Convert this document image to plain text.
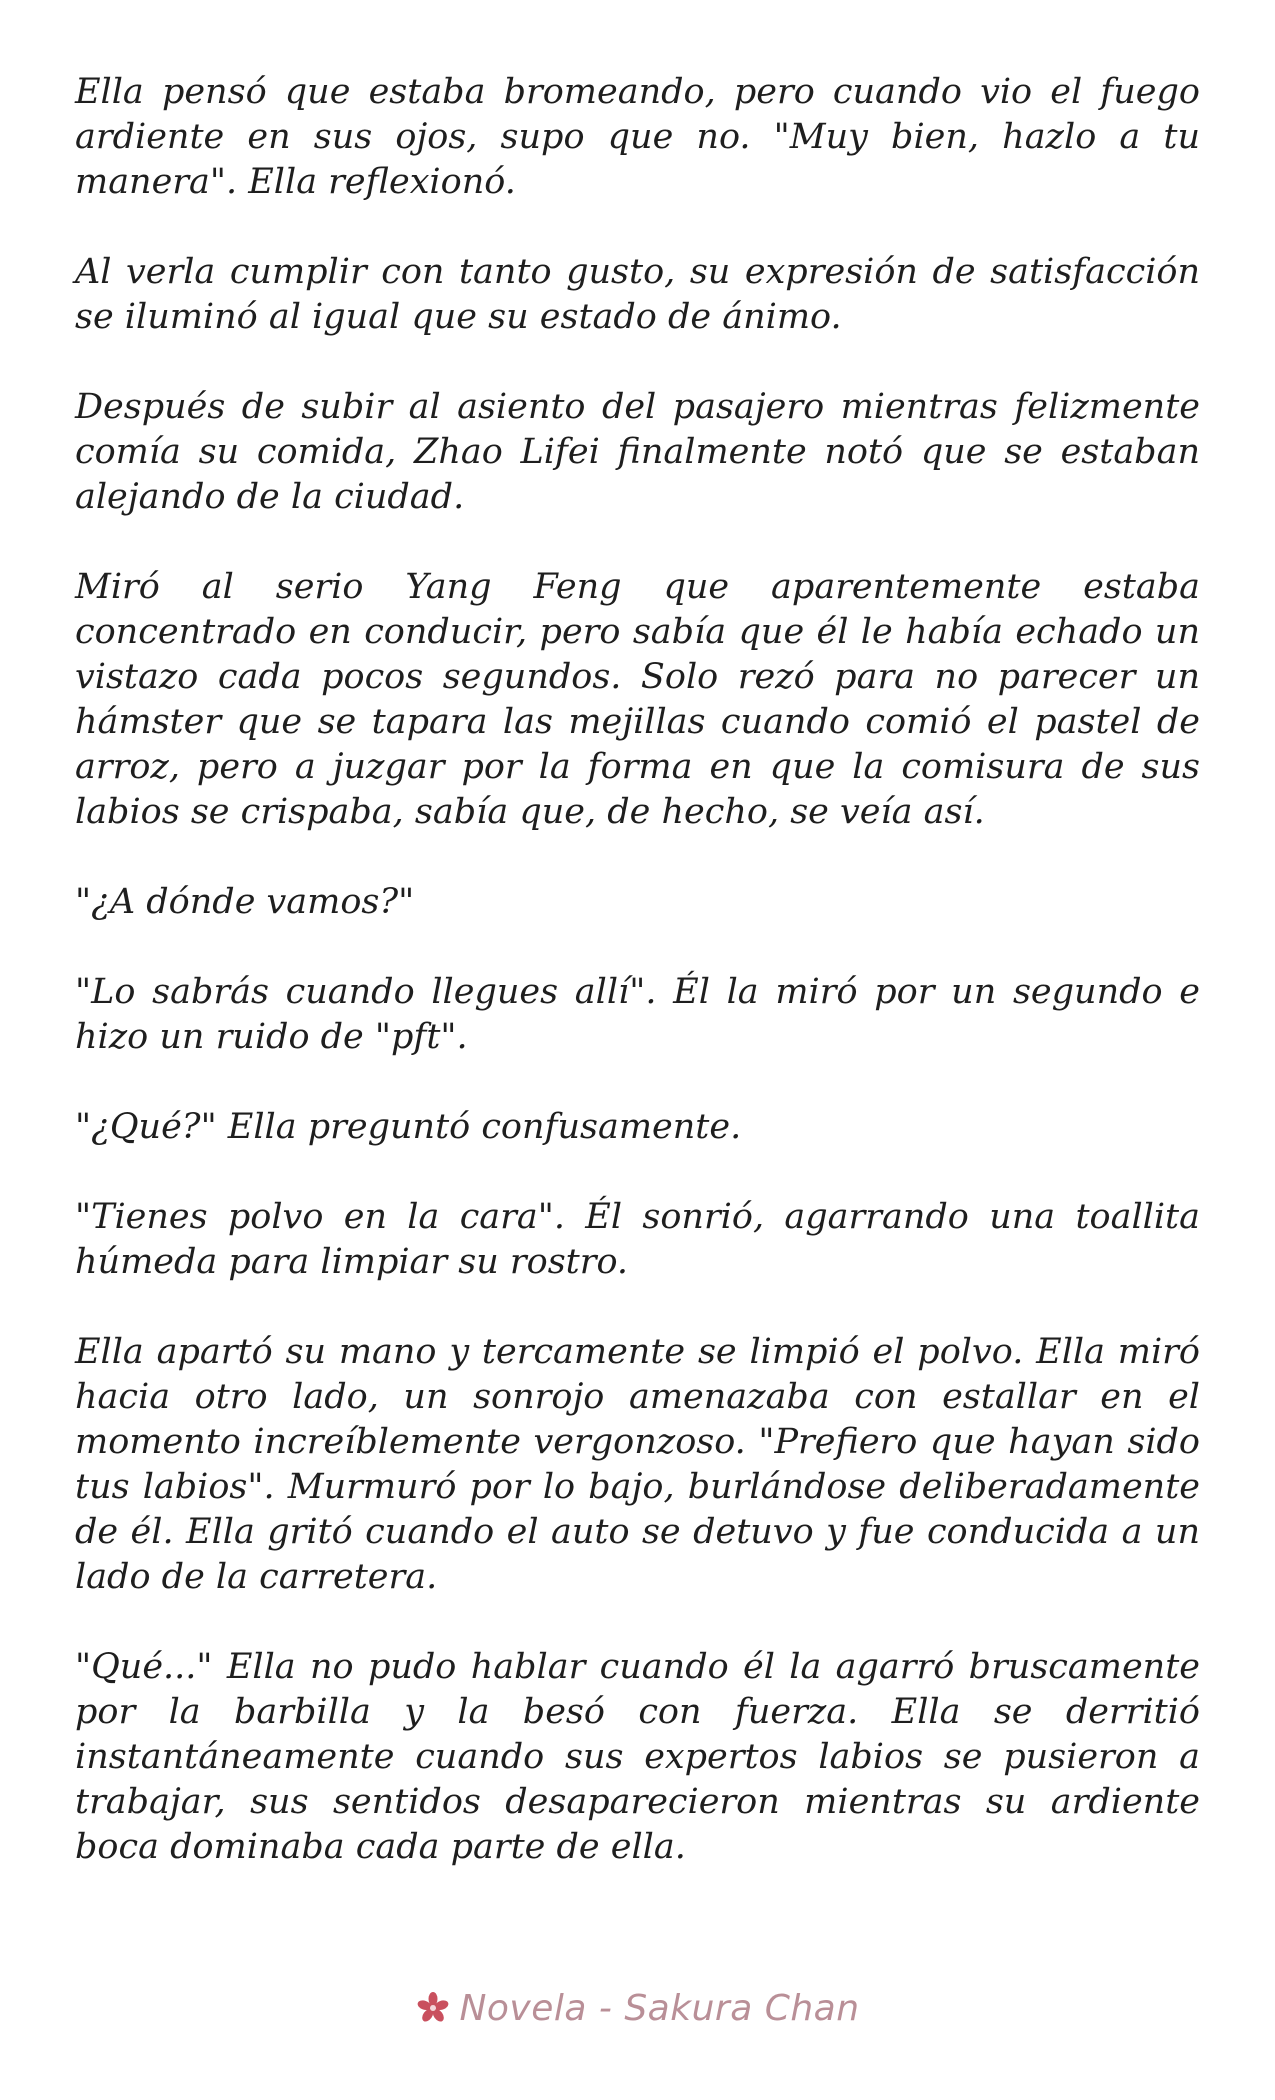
Ella pensó que estaba bromeando, pero cuando vio el fuego ardiente en sus ojos, supo que no. "Muy bien, hazlo a tu manera". Ella reflexionó.

Al verla cumplir con tanto gusto, su expresión de satisfacción se iluminó al igual que su estado de ánimo.

Después de subir al asiento del pasajero mientras felizmente comía su comida, Zhao Lifei finalmente notó que se estaban alejando de la ciudad.

Miró al serio Yang Feng que aparentemente estaba concentrado en conducir, pero sabía que él le había echado un vistazo cada pocos segundos. Solo rezó para no parecer un hámster que se tapara las mejillas cuando comió el pastel de arroz, pero a juzgar por la forma en que la comisura de sus labios se crispaba, sabía que, de hecho, se veía así.

"¿A dónde vamos?"

"Lo sabrás cuando llegues allí". Él la miró por un segundo e hizo un ruido de "pft".

"¿Qué?" Ella preguntó confusamente.

"Tienes polvo en la cara". Él sonrió, agarrando una toallita húmeda para limpiar su rostro.

Ella apartó su mano y tercamente se limpió el polvo. Ella miró hacia otro lado, un sonrojo amenazaba con estallar en el momento increíblemente vergonzoso. "Prefiero que hayan sido tus labios". Murmuró por lo bajo, burlándose deliberadamente de él. Ella gritó cuando el auto se detuvo y fue conducida a un lado de la carretera.

"Qué..." Ella no pudo hablar cuando él la agarró bruscamente por la barbilla y la besó con fuerza. Ella se derritió instantáneamente cuando sus expertos labios se pusieron a trabajar, sus sentidos desaparecieron mientras su ardiente boca dominaba cada parte de ella.

Novela - Sakura Chan
